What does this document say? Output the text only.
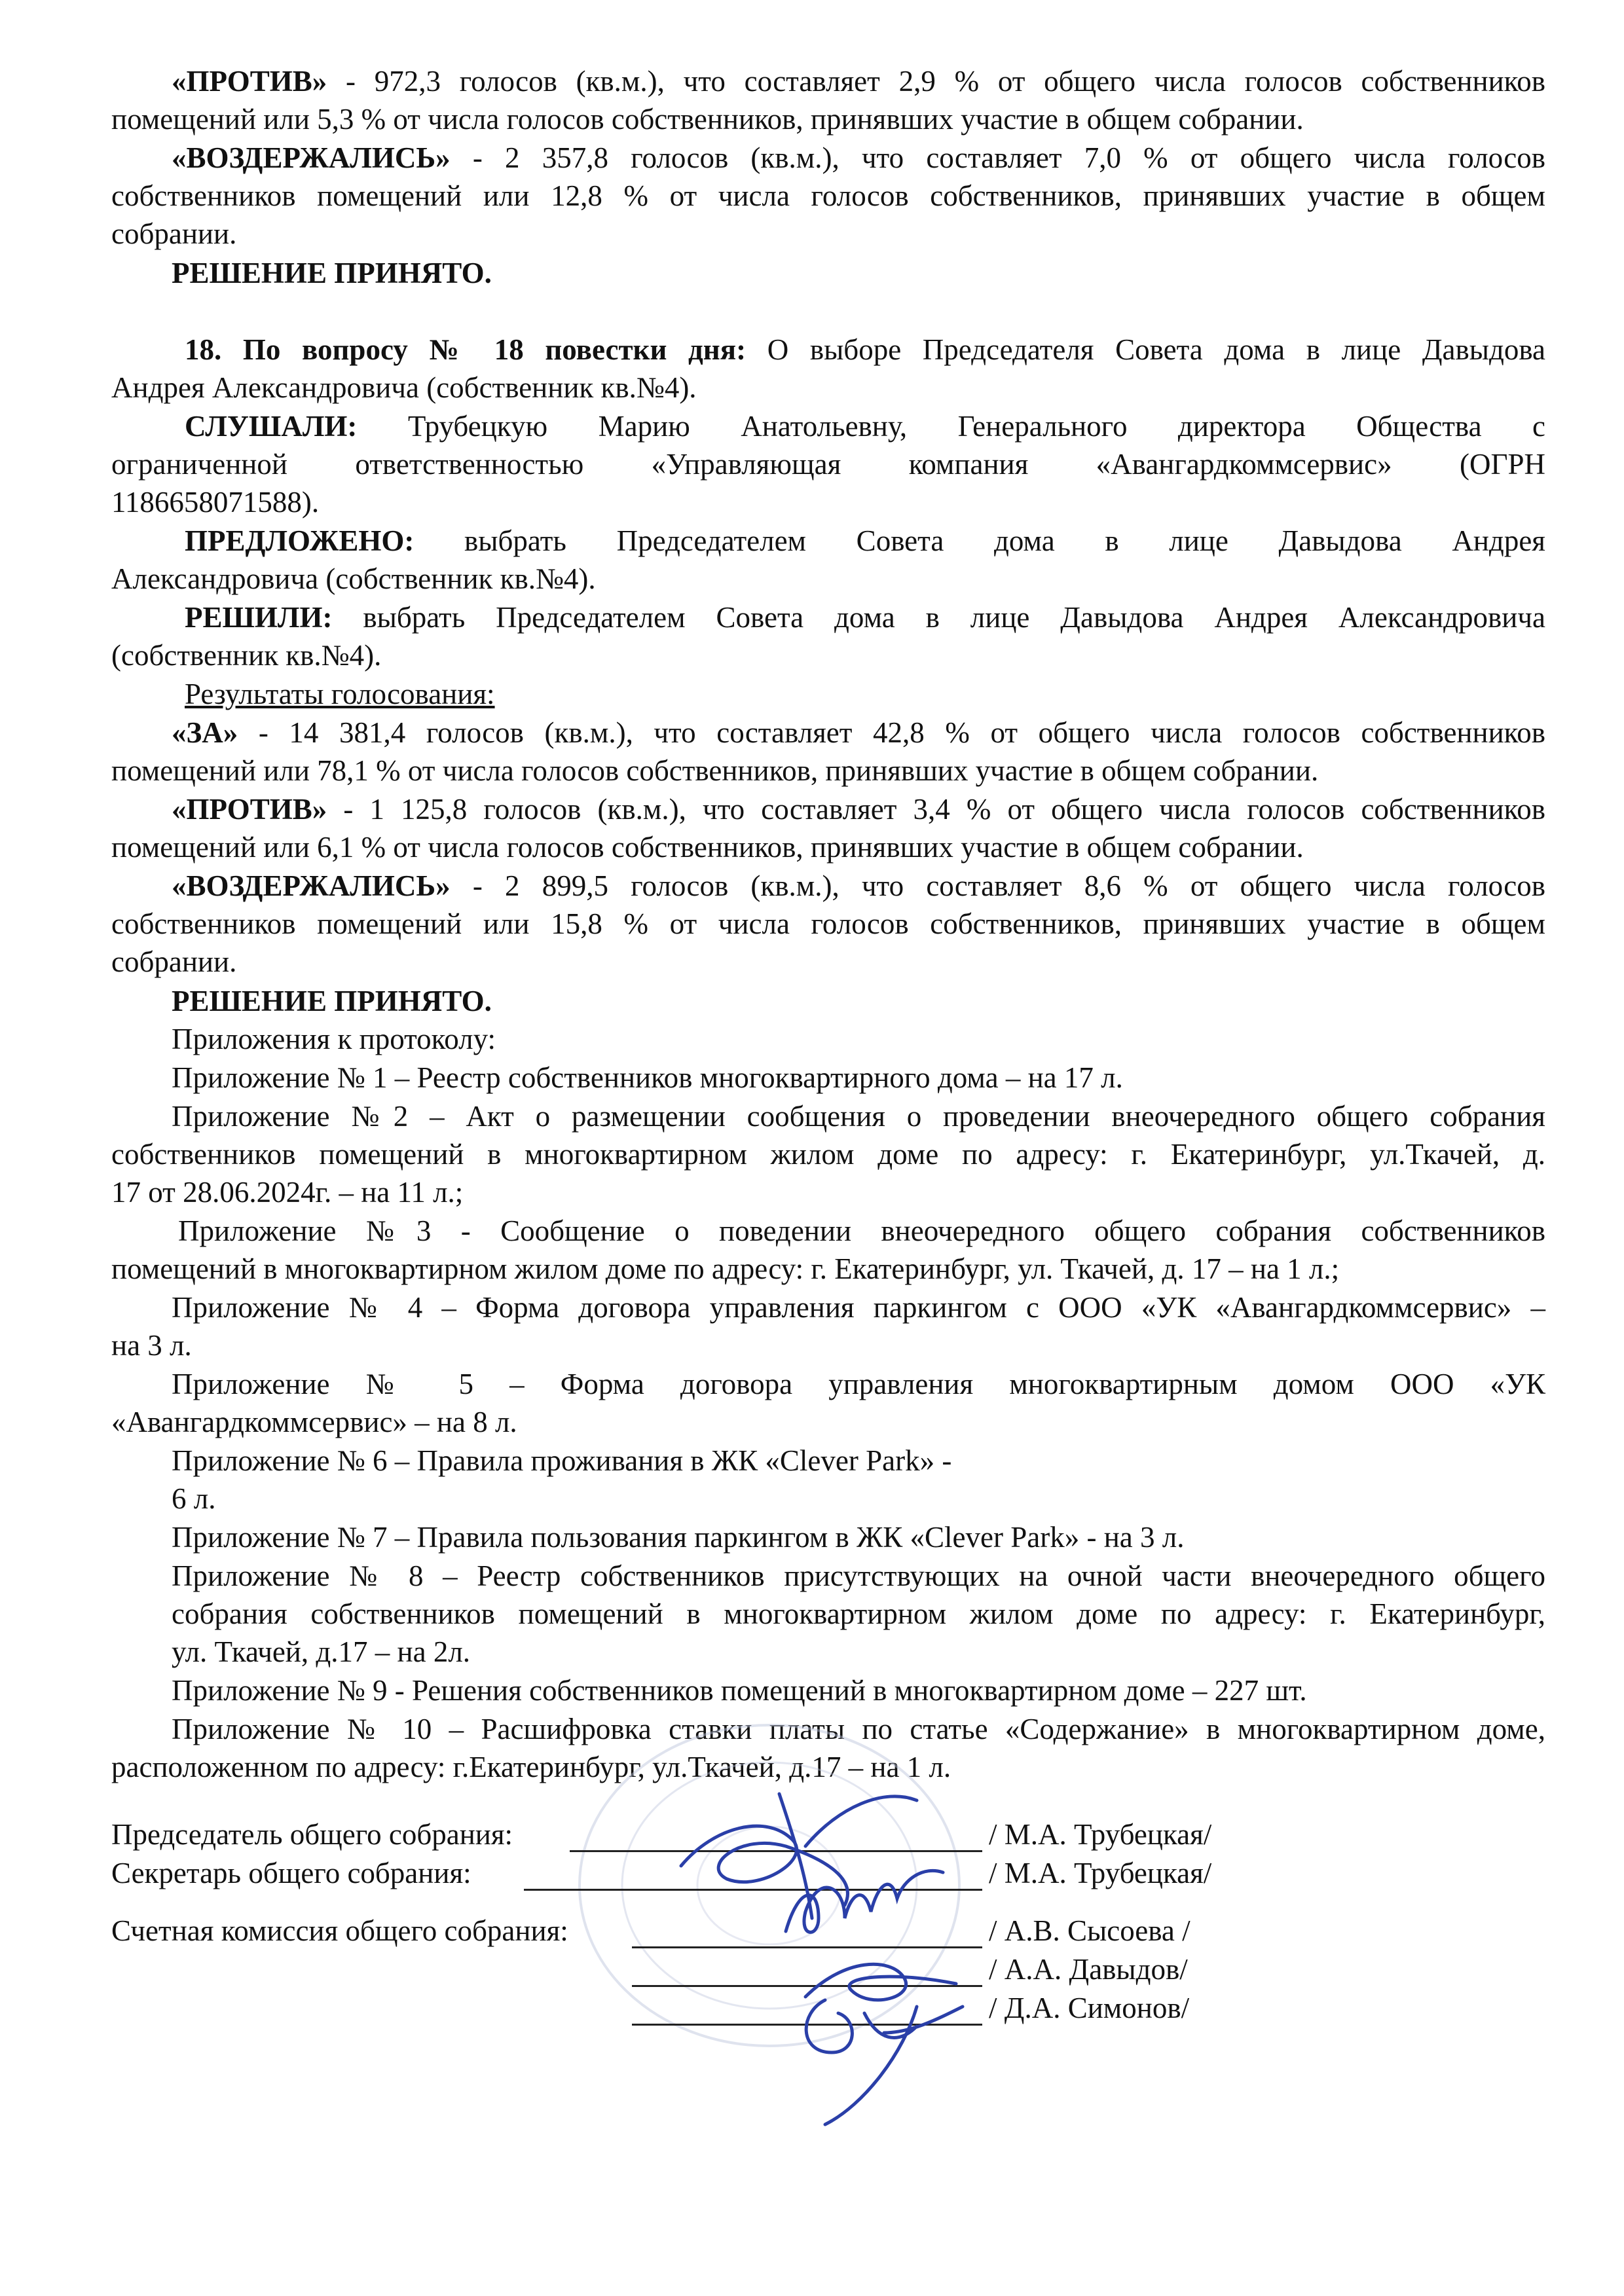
«ПРОТИВ» - 972,3 голосов (кв.м.), что составляет 2,9 % от общего числа голосов собственников
помещений или 5,3 % от числа голосов собственников, принявших участие в общем собрании.
«ВОЗДЕРЖАЛИСЬ» - 2 357,8 голосов (кв.м.), что составляет 7,0 % от общего числа голосов
собственников помещений или 12,8 % от числа голосов собственников, принявших участие в общем
собрании.
РЕШЕНИЕ ПРИНЯТО.
18. По вопросу № 18 повестки дня: О выборе Председателя Совета дома в лице Давыдова
Андрея Александровича (собственник кв.№4).
СЛУШАЛИ: Трубецкую Марию Анатольевну, Генерального директора Общества с
ограниченной ответственностью «Управляющая компания «Авангардкоммсервис» (ОГРН
1186658071588).
ПРЕДЛОЖЕНО: выбрать Председателем Совета дома в лице Давыдова Андрея
Александровича (собственник кв.№4).
РЕШИЛИ: выбрать Председателем Совета дома в лице Давыдова Андрея Александровича
(собственник кв.№4).
Результаты голосования:
«ЗА» - 14 381,4 голосов (кв.м.), что составляет 42,8 % от общего числа голосов собственников
помещений или 78,1 % от числа голосов собственников, принявших участие в общем собрании.
«ПРОТИВ» - 1 125,8 голосов (кв.м.), что составляет 3,4 % от общего числа голосов собственников
помещений или 6,1 % от числа голосов собственников, принявших участие в общем собрании.
«ВОЗДЕРЖАЛИСЬ» - 2 899,5 голосов (кв.м.), что составляет 8,6 % от общего числа голосов
собственников помещений или 15,8 % от числа голосов собственников, принявших участие в общем
собрании.
РЕШЕНИЕ ПРИНЯТО.
Приложения к протоколу:
Приложение № 1 – Реестр собственников многоквартирного дома – на 17 л.
Приложение №2 – Акт о размещении сообщения о проведении внеочередного общего собрания
собственников помещений в многоквартирном жилом доме по адресу: г. Екатеринбург, ул.Ткачей, д.
17 от 28.06.2024г. – на 11 л.;
Приложение №3 - Сообщение о поведении внеочередного общего собрания собственников
помещений в многоквартирном жилом доме по адресу: г. Екатеринбург, ул. Ткачей, д. 17 – на 1 л.;
Приложение № 4 – Форма договора управления паркингом с ООО «УК «Авангардкоммсервис» –
на 3 л.
Приложение № 5 – Форма договора управления многоквартирным домом ООО «УК
«Авангардкоммсервис» – на 8 л.
Приложение № 6 – Правила проживания в ЖК «Clever Park» -
6 л.
Приложение № 7 – Правила пользования паркингом в ЖК «Clever Park» - на 3 л.
Приложение № 8 – Реестр собственников присутствующих на очной части внеочередного общего
собрания собственников помещений в многоквартирном жилом доме по адресу: г. Екатеринбург,
ул. Ткачей, д.17 – на 2л.
Приложение № 9 - Решения собственников помещений в многоквартирном доме – 227 шт.
Приложение № 10 – Расшифровка ставки платы по статье «Содержание» в многоквартирном доме,
расположенном по адресу: г.Екатеринбург, ул.Ткачей, д.17 – на 1 л.
Председатель общего собрания:	/ М.А. Трубецкая/
Секретарь общего собрания:	/ М.А. Трубецкая/
Счетная комиссия общего собрания:	/ А.В. Сысоева /
/ А.А. Давыдов/
/ Д.А. Симонов/
